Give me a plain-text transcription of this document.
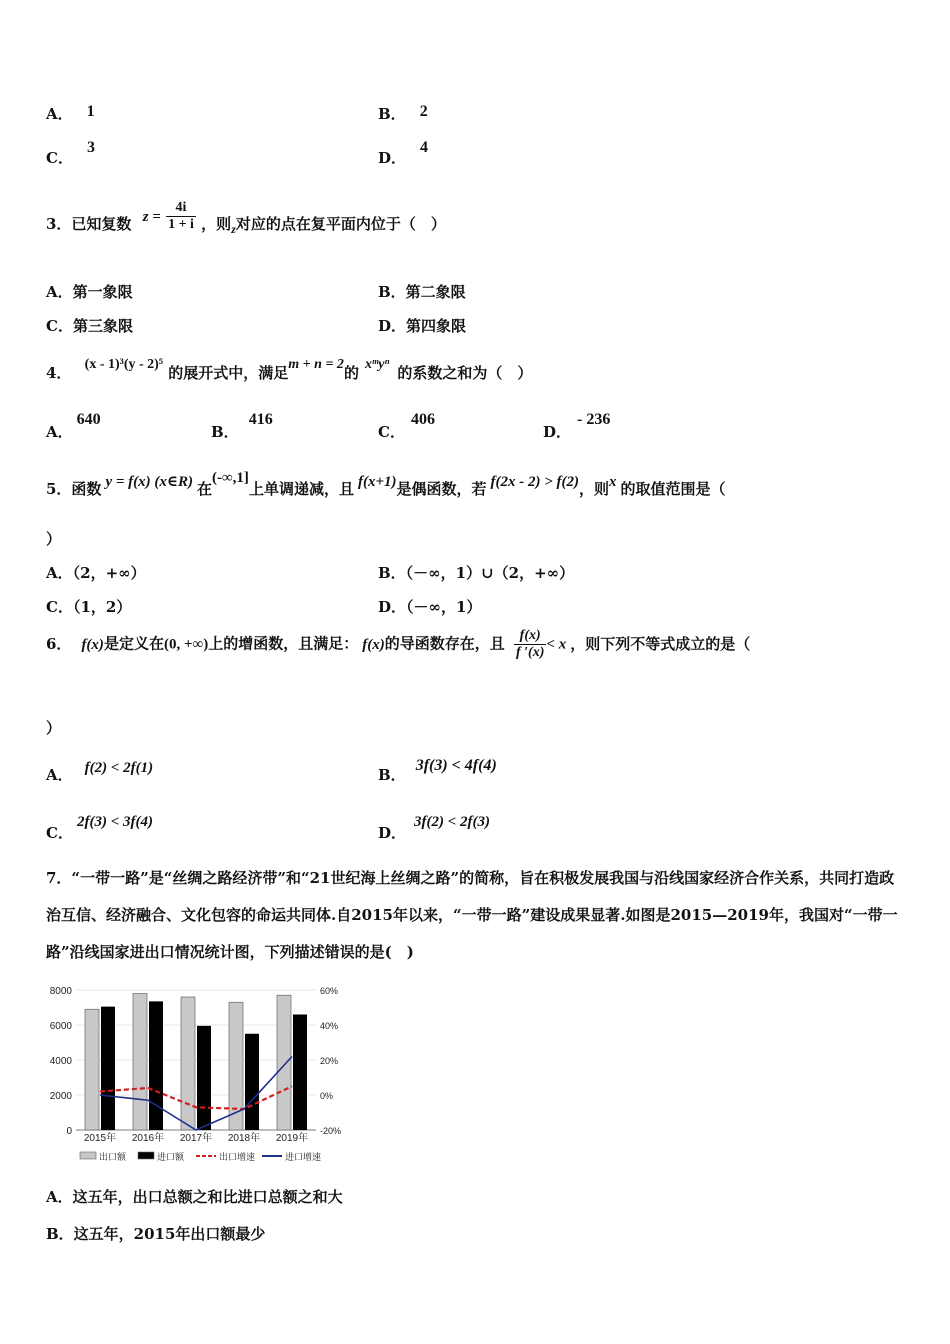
A． 1	B． 2
C．3
D．4
3．已知复数 $z = \frac{4i}{1 + i}$ ，则$_z$对应的点在复平面内位于（　）
A．第一象限	B．第二象限
C．第三象限	D．第四象限
4． (x - 1)³(y - 2)⁵ 的展开式中，满足m + n = 2的 xᵐyⁿ 的系数之和为（　）
A．640
B．416
C．406
D．- 236
5．函数 y = f(x) (x∈R) 在(-∞,1]上单调递减，且 f(x+1)是偶函数，若 f(2x - 2) > f(2)，则x 的取值范围是（
）
A．（2，+∞）	B．（－∞，1）∪（2，+∞）
C．（1，2）	D．（－∞，1）
6． f(x)是定义在(0, +∞)上的增函数，且满足： f(x)的导函数存在，且 $\frac{f(x)}{f '(x)} < x$ ，则下列不等式成立的是（
）
A． f(2) < 2f(1)	B．3f(3) < 4f(4)
C．2f(3) < 3f(4)
D．3f(2) < 2f(3)
7．“一带一路”是“丝绸之路经济带”和“21世纪海上丝绸之路”的简称，旨在积极发展我国与沿线国家经济合作关系，共同打造政治互信、经济融合、文化包容的命运共同体.自2015年以来，“一带一路”建设成果显著.如图是2015—2019年，我国对“一带一路”沿线国家进出口情况统计图，下列描述错误的是(　)
0
2000
4000
6000
8000
-20%
0%
20%
40%
60%
2015年 2016年 2017年 2018年 2019年
出口额	进口额	出口增速	进口增速
A．这五年，出口总额之和比进口总额之和大
B．这五年，2015年出口额最少
